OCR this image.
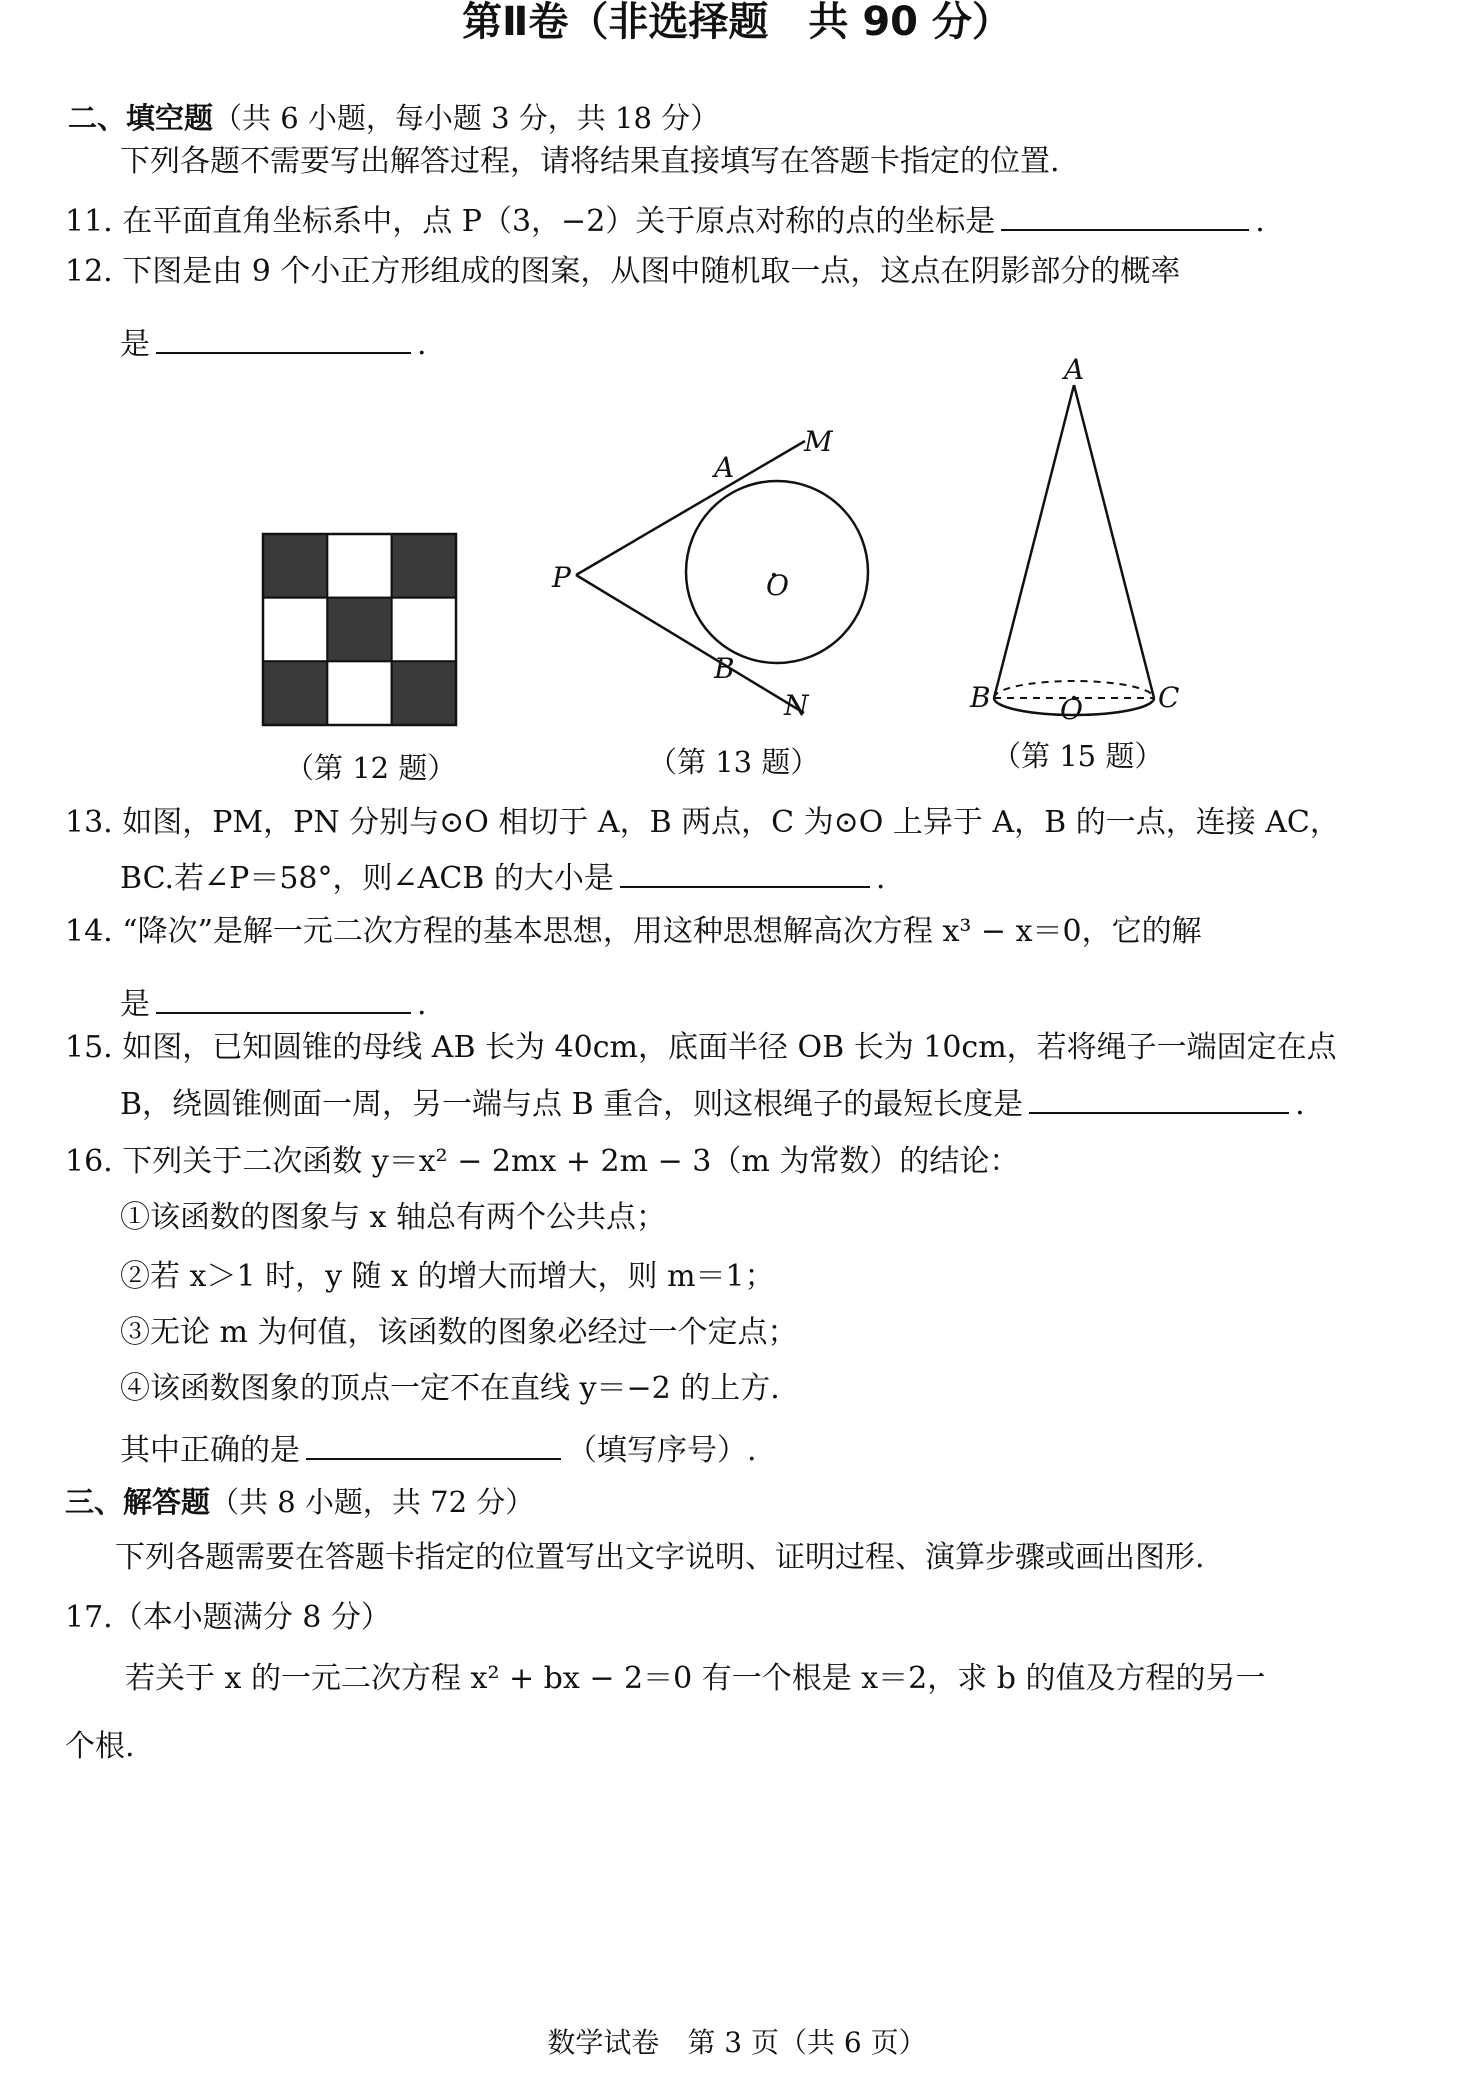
第Ⅱ卷（非选择题　共 90 分）
二、填空题（共 6 小题，每小题 3 分，共 18 分）
下列各题不需要写出解答过程，请将结果直接填写在答题卡指定的位置.
11. 在平面直角坐标系中，点 P（3，−2）关于原点对称的点的坐标是	.
12. 下图是由 9 个小正方形组成的图案，从图中随机取一点，这点在阴影部分的概率
是	.
（第 12 题）
A
M
P	O
B
N
（第 13 题）
A
B O	C
（第 15 题）
13. 如图，PM，PN 分别与⊙O 相切于 A，B 两点，C 为⊙O 上异于 A，B 的一点，连接 AC，
BC.若∠P＝58°，则∠ACB 的大小是	.
14. “降次”是解一元二次方程的基本思想，用这种思想解高次方程 x³ − x＝0，它的解
是	.
15. 如图，已知圆锥的母线 AB 长为 40cm，底面半径 OB 长为 10cm，若将绳子一端固定在点
B，绕圆锥侧面一周，另一端与点 B 重合，则这根绳子的最短长度是	.
16. 下列关于二次函数 y＝x² − 2mx + 2m − 3（m 为常数）的结论：
①该函数的图象与 x 轴总有两个公共点；
②若 x＞1 时，y 随 x 的增大而增大，则 m＝1；
③无论 m 为何值，该函数的图象必经过一个定点；
④该函数图象的顶点一定不在直线 y＝−2 的上方.
其中正确的是	（填写序号）.
三、解答题（共 8 小题，共 72 分）
下列各题需要在答题卡指定的位置写出文字说明、证明过程、演算步骤或画出图形.
17.（本小题满分 8 分）
若关于 x 的一元二次方程 x² + bx − 2＝0 有一个根是 x＝2，求 b 的值及方程的另一
个根.
数学试卷　第 3 页（共 6 页）
